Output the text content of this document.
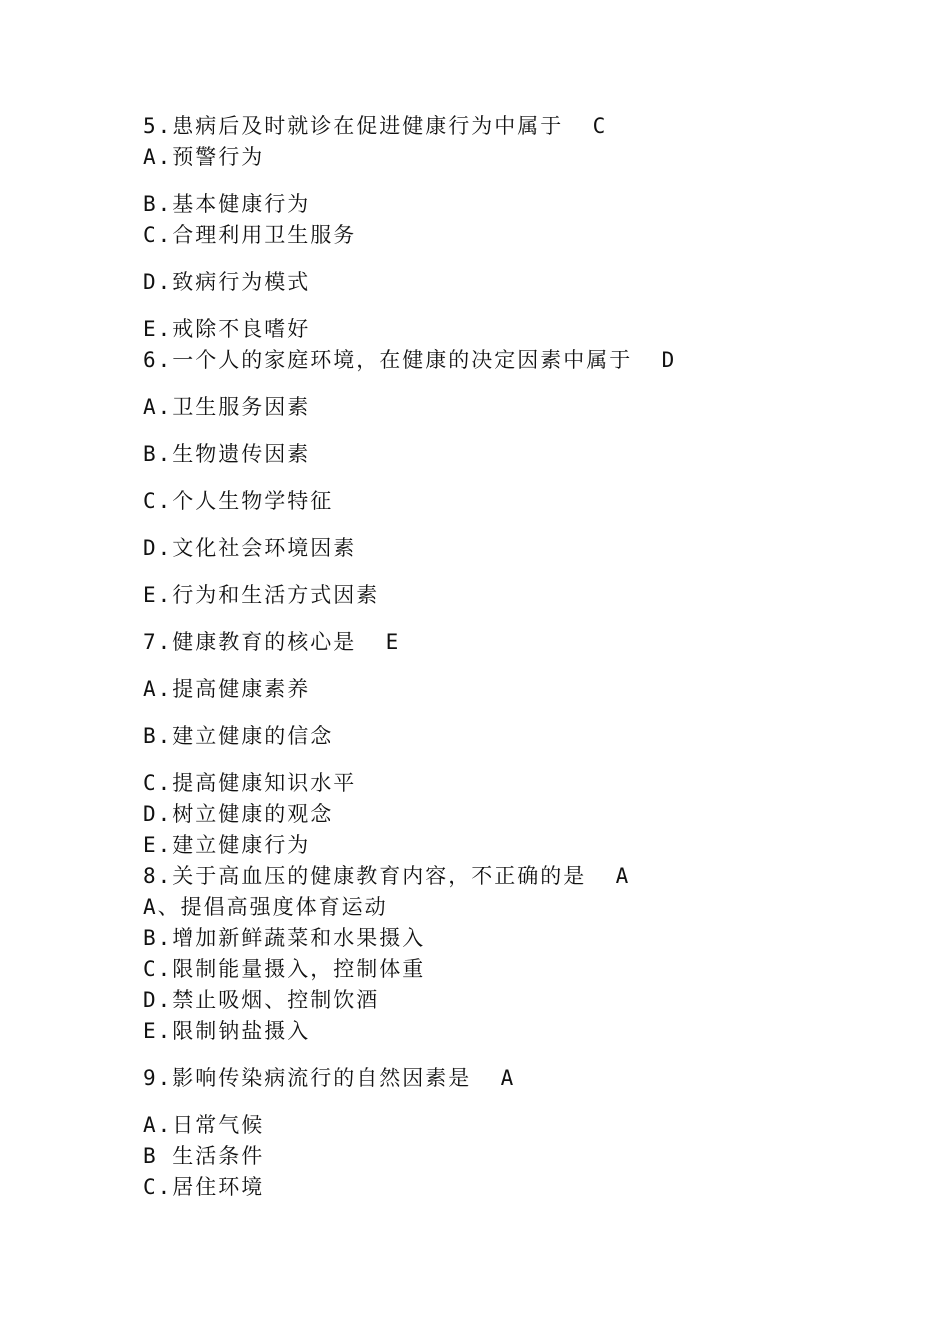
5.患病后及时就诊在促进健康行为中属于  C
A.预警行为
B.基本健康行为
C.合理利用卫生服务
D.致病行为模式
E.戒除不良嗜好
6.一个人的家庭环境，在健康的决定因素中属于  D
A.卫生服务因素
B.生物遗传因素
C.个人生物学特征
D.文化社会环境因素
E.行为和生活方式因素
7.健康教育的核心是  E
A.提高健康素养
B.建立健康的信念
C.提高健康知识水平
D.树立健康的观念
E.建立健康行为
8.关于高血压的健康教育内容，不正确的是  A
A、提倡高强度体育运动
B.增加新鲜蔬菜和水果摄入
C.限制能量摄入，控制体重
D.禁止吸烟、控制饮酒
E.限制钠盐摄入
9.影响传染病流行的自然因素是  A
A.日常气候
B 生活条件
C.居住环境
